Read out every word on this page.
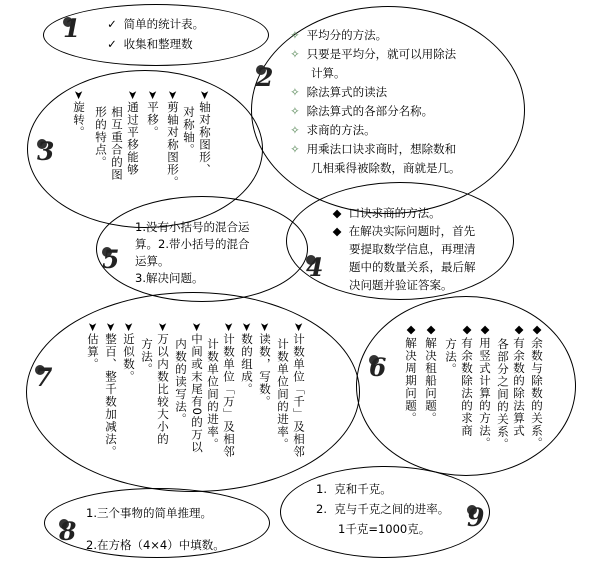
1
2
3
5	4
7	6
8	9
✓ 简单的统计表。
✓ 收集和整理数
✧ 平均分的方法。
✧ 只要是平均分，就可以用除法
计算。
✧ 除法算式的读法
✧ 除法算式的各部分名称。
✧ 求商的方法。
✧ 用乘法口诀求商时，想除数和
几相乘得被除数，商就是几。
➤轴对称图形、
对称轴。
➤剪轴对称图形。
➤平移。
➤通过平移能够
相互重合的图
形的特点。
➤旋转。
1.没有小括号的混合运
算。2.带小括号的混合
运算。
3.解决问题。
◆ 口诀求商的方法。
◆ 在解决实际问题时，首先
要提取数学信息，再理清
题中的数量关系，最后解
决问题并验证答案。
➤计数单位「千」及相邻
计数单位间的进率。
➤读数，写数。
➤数的组成。
➤计数单位「万」及相邻
计数单位间的进率。
➤中间或末尾有0的万以
内数的读写法。
➤万以内数比较大小的
方法。
➤近似数。
➤整百、整千数加减法。
➤估算。
◆余数与除数的关系。
◆有余数的除法算式
各部分之间的关系。
◆用竖式计算的方法。
◆有余数除法的求商
方法。
◆解决租船问题。
◆解决周期问题。
1.三个事物的简单推理。
2.在方格（4×4）中填数。
1.  克和千克。
2.  克与千克之间的进率。
1千克=1000克。
